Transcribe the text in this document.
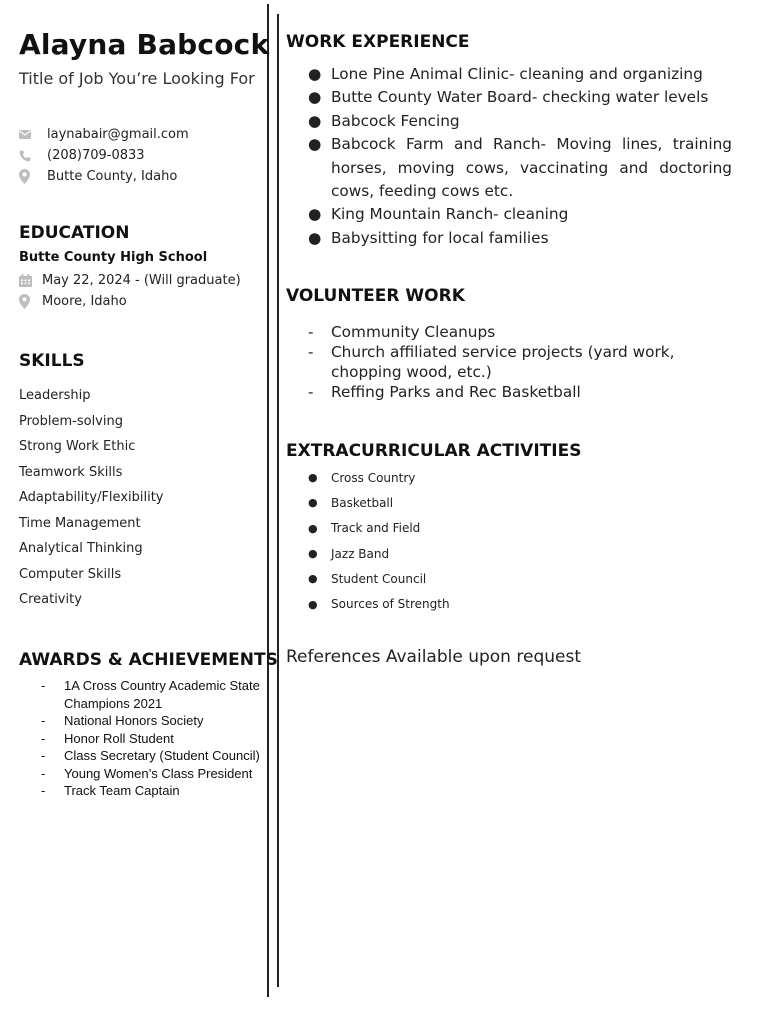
Alayna Babcock

Title of Job You’re Looking For

laynabair@gmail.com
(208)709-0833
Butte County, Idaho
EDUCATION

Butte County High School

May 22, 2024 - (Will graduate)
Moore, Idaho
SKILLS
Leadership
Problem-solving
Strong Work Ethic
Teamwork Skills
Adaptability/Flexibility
Time Management
Analytical Thinking
Computer Skills
Creativity
AWARDS & ACHIEVEMENTS
-	1A Cross Country Academic State Champions 2021
-	National Honors Society
-	Honor Roll Student
-	Class Secretary (Student Council)
-	Young Women’s Class President
-	Track Team Captain
WORK EXPERIENCE
● Lone Pine Animal Clinic- cleaning and organizing
● Butte County Water Board- checking water levels
● Babcock Fencing
● Babcock Farm and Ranch- Moving lines, training horses, moving cows, vaccinating and doctoring cows, feeding cows etc.
● King Mountain Ranch- cleaning
● Babysitting for local families
VOLUNTEER WORK
-	Community Cleanups
-	Church affiliated service projects (yard work, chopping wood, etc.)
-	Reffing Parks and Rec Basketball
EXTRACURRICULAR ACTIVITIES
●	Cross Country
●	Basketball
●	Track and Field
●	Jazz Band
●	Student Council
●	Sources of Strength

References Available upon request
